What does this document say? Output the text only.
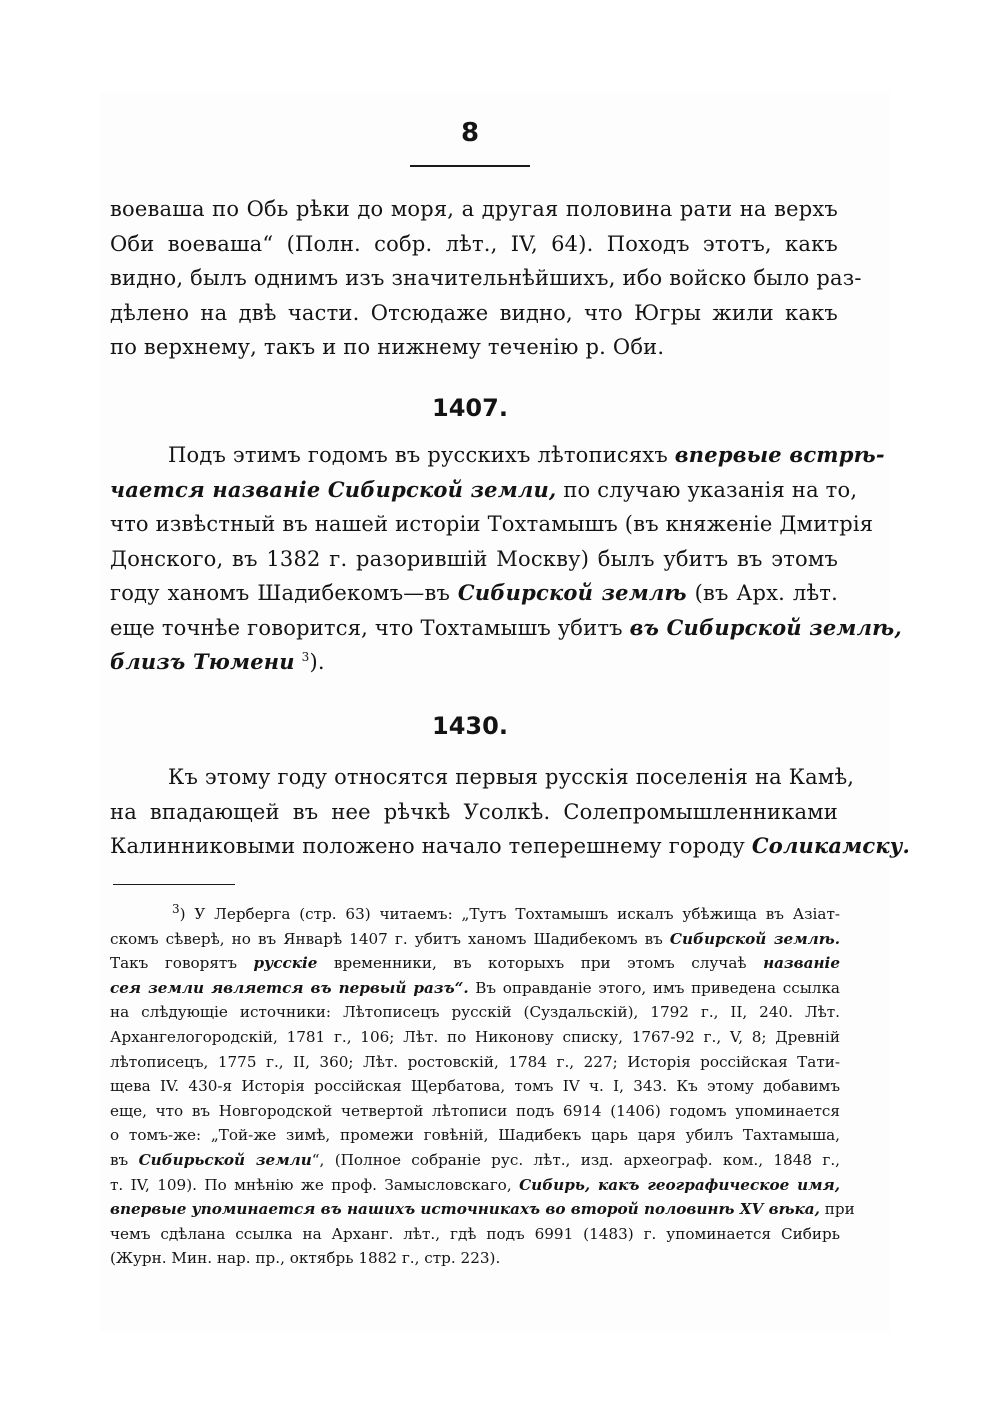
8
воеваша по Обь рѣки до моря, а другая половина рати на верхъ
Оби воеваша“ (Полн. собр. лѣт., IV, 64). Походъ этотъ, какъ
видно, былъ однимъ изъ значительнѣйшихъ, ибо войско было раз-
дѣлено на двѣ части. Отсюдаже видно, что Югры жили какъ
по верхнему, такъ и по нижнему теченію р. Оби.
1407.
Подъ этимъ годомъ въ русскихъ лѣтописяхъ впервые встрѣ-
чается названіе Сибирской земли, по случаю указанія на то,
что извѣстный въ нашей исторіи Тохтамышъ (въ княженіе Дмитрія
Донского, въ 1382 г. разорившій Москву) былъ убитъ въ этомъ
году ханомъ Шадибекомъ—въ Сибирской землѣ (въ Арх. лѣт.
еще точнѣе говорится, что Тохтамышъ убитъ въ Сибирской землѣ,
близъ Тюмени $^3$).
1430.
Къ этому году относятся первыя русскія поселенія на Камѣ,
на впадающей въ нее рѣчкѣ Усолкѣ. Солепромышленниками
Калинниковыми положено начало теперешнему городу Соликамску.
$^3$) У Лерберга (стр. 63) читаемъ: „Тутъ Тохтамышъ искалъ убѣжища въ Азіат-
скомъ сѣверѣ, но въ Январѣ 1407 г. убитъ ханомъ Шадибекомъ въ Сибирской землѣ.
Такъ говорятъ русскіе временники, въ которыхъ при этомъ случаѣ названіе
сея земли является въ первый разъ“. Въ оправданіе этого, имъ приведена ссылка
на слѣдующіе источники: Лѣтописецъ русскій (Суздальскій), 1792 г., II, 240. Лѣт.
Архангелогородскій, 1781 г., 106; Лѣт. по Никонову списку, 1767-92 г., V, 8; Древній
лѣтописецъ, 1775 г., II, 360; Лѣт. ростовскій, 1784 г., 227; Исторія россійская Тати-
щева IV. 430-я Исторія россійская Щербатова, томъ IV ч. I, 343. Къ этому добавимъ
еще, что въ Новгородской четвертой лѣтописи подъ 6914 (1406) годомъ упоминается
о томъ-же: „Той-же зимѣ, промежи говѣній, Шадибекъ царь царя убилъ Тахтамыша,
въ Сибирьской земли“, (Полное собраніе рус. лѣт., изд. археограф. ком., 1848 г.,
т. IV, 109). По мнѣнію же проф. Замысловскаго, Сибирь, какъ географическое имя,
впервые упоминается въ нашихъ источникахъ во второй половинѣ XV вѣка, при
чемъ сдѣлана ссылка на Арханг. лѣт., гдѣ подъ 6991 (1483) г. упоминается Сибирь
(Журн. Мин. нар. пр., октябрь 1882 г., стр. 223).
